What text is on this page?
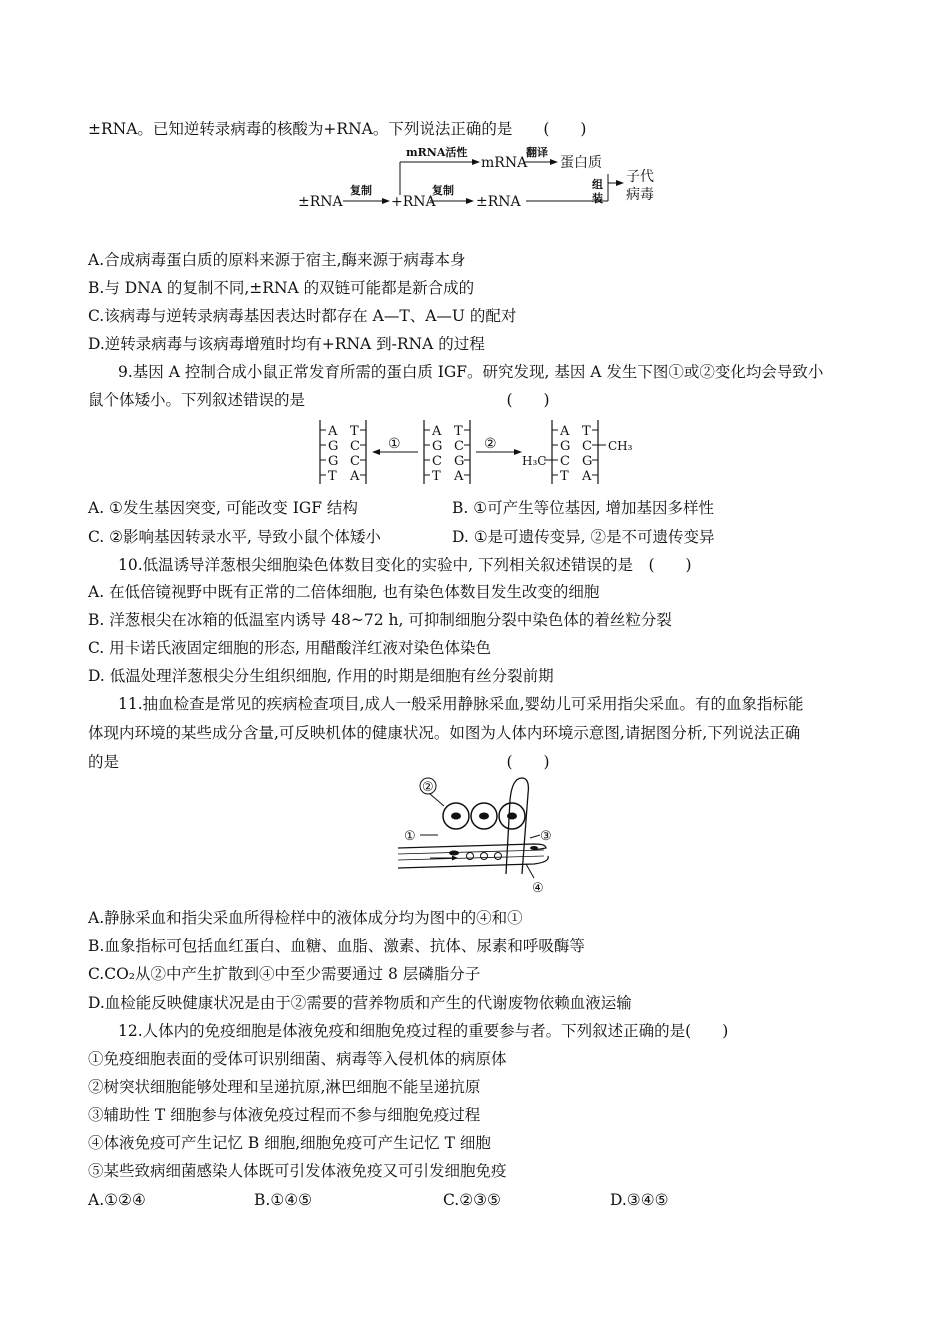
±RNA。已知逆转录病毒的核酸为+RNA。下列说法正确的是　　(　　)
±RNA
复制
+RNA
复制
±RNA
mRNA活性
mRNA
翻译
蛋白质
组
装
子代
病毒
A.合成病毒蛋白质的原料来源于宿主,酶来源于病毒本身
B.与 DNA 的复制不同,±RNA 的双链可能都是新合成的
C.该病毒与逆转录病毒基因表达时都存在 A—T、A—U 的配对
D.逆转录病毒与该病毒增殖时均有+RNA 到-RNA 的过程
9.基因 A 控制合成小鼠正常发育所需的蛋白质 IGF。研究发现, 基因 A 发生下图①或②变化均会导致小
鼠个体矮小。下列叙述错误的是　　　　　　　　　　　　　(　　)
A
G
G
T
T
C
C
A
①
A
G
C
T
T
C
G
A
②
H₃C
A
G
C
T
T
C
G
A
CH₃
A. ①发生基因突变, 可能改变 IGF 结构	B. ①可产生等位基因, 增加基因多样性
C. ②影响基因转录水平, 导致小鼠个体矮小	D. ①是可遗传变异, ②是不可遗传变异
10.低温诱导洋葱根尖细胞染色体数目变化的实验中, 下列相关叙述错误的是　(　　)
A. 在低倍镜视野中既有正常的二倍体细胞, 也有染色体数目发生改变的细胞
B. 洋葱根尖在冰箱的低温室内诱导 48~72 h, 可抑制细胞分裂中染色体的着丝粒分裂
C. 用卡诺氏液固定细胞的形态, 用醋酸洋红液对染色体染色
D. 低温处理洋葱根尖分生组织细胞, 作用的时期是细胞有丝分裂前期
11.抽血检查是常见的疾病检查项目,成人一般采用静脉采血,婴幼儿可采用指尖采血。有的血象指标能
体现内环境的某些成分含量,可反映机体的健康状况。如图为人体内环境示意图,请据图分析,下列说法正确
的是　　　　　　　　　　　　　　　　　　　　　　　　　(　　)
②
①	③
④
A.静脉采血和指尖采血所得检样中的液体成分均为图中的④和①
B.血象指标可包括血红蛋白、血糖、血脂、激素、抗体、尿素和呼吸酶等
C.CO₂从②中产生扩散到④中至少需要通过 8 层磷脂分子
D.血检能反映健康状况是由于②需要的营养物质和产生的代谢废物依赖血液运输
12.人体内的免疫细胞是体液免疫和细胞免疫过程的重要参与者。下列叙述正确的是(　　)
①免疫细胞表面的受体可识别细菌、病毒等入侵机体的病原体
②树突状细胞能够处理和呈递抗原,淋巴细胞不能呈递抗原
③辅助性 T 细胞参与体液免疫过程而不参与细胞免疫过程
④体液免疫可产生记忆 B 细胞,细胞免疫可产生记忆 T 细胞
⑤某些致病细菌感染人体既可引发体液免疫又可引发细胞免疫
A.①②④	B.①④⑤	C.②③⑤	D.③④⑤
